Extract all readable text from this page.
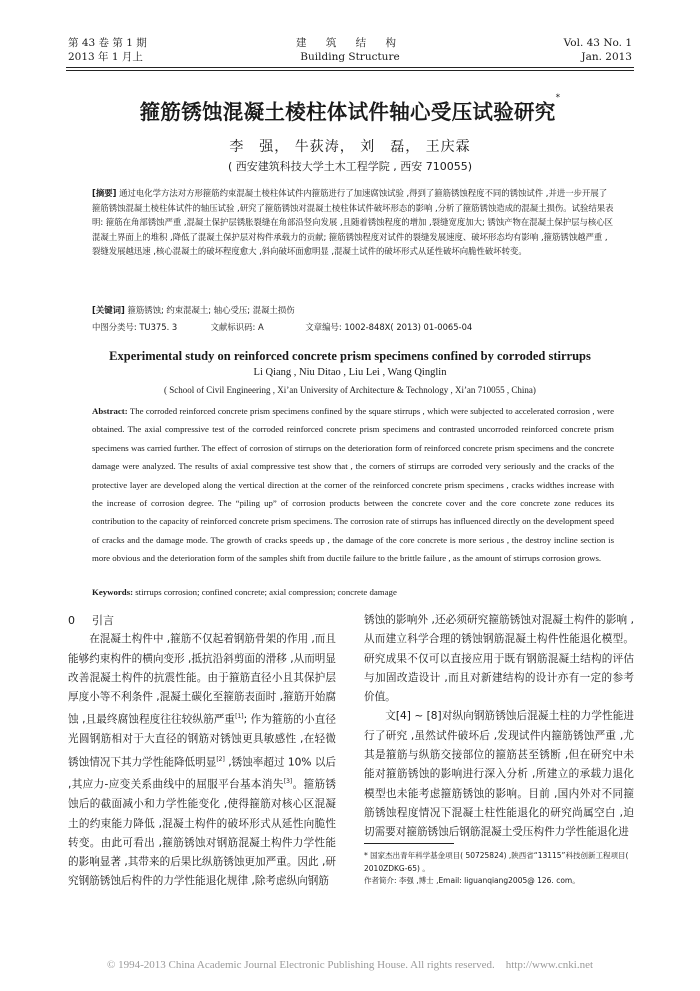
第 43 卷 第 1 期
2013 年 1 月上
建 筑 结 构
Building Structure
Vol. 43 No. 1
Jan. 2013
箍筋锈蚀混凝土棱柱体试件轴心受压试验研究*
李　强， 牛荻涛， 刘　磊， 王庆霖
( 西安建筑科技大学土木工程学院 , 西安 710055)
[摘要] 通过电化学方法对方形箍筋约束混凝土棱柱体试件内箍筋进行了加速腐蚀试验 ,得到了箍筋锈蚀程度不同的锈蚀试件 ,并进一步开展了箍筋锈蚀混凝土棱柱体试件的轴压试验 ,研究了箍筋锈蚀对混凝土棱柱体试件破坏形态的影响 ,分析了箍筋锈蚀造成的混凝土损伤。试验结果表明: 箍筋在角部锈蚀严重 ,混凝土保护层锈胀裂缝在角部沿竖向发展 ,且随着锈蚀程度的增加 ,裂缝宽度加大; 锈蚀产物在混凝土保护层与核心区混凝土界面上的堆积 ,降低了混凝土保护层对构件承载力的贡献; 箍筋锈蚀程度对试件的裂缝发展速度、破坏形态均有影响 ,箍筋锈蚀越严重 ,裂缝发展越迅速 ,核心混凝土的破坏程度愈大 ,斜向破坏面愈明显 ,混凝土试件的破坏形式从延性破坏向脆性破坏转变。
[关键词] 箍筋锈蚀; 约束混凝土; 轴心受压; 混凝土损伤
中图分类号: TU375. 3	文献标识码: A	文章编号: 1002-848X( 2013) 01-0065-04
Experimental study on reinforced concrete prism specimens confined by corroded stirrups
Li Qiang , Niu Ditao , Liu Lei , Wang Qinglin
( School of Civil Engineering , Xi’an University of Architecture & Technology , Xi’an 710055 , China)
Abstract: The corroded reinforced concrete prism specimens confined by the square stirrups , which were subjected to accelerated corrosion , were obtained. The axial compressive test of the corroded reinforced concrete prism specimens and contrasted uncorroded reinforced concrete prism specimens was carried further. The effect of corrosion of stirrups on the deterioration form of reinforced concrete prism specimens and the concrete damage were analyzed. The results of axial compressive test show that , the corners of stirrups are corroded very seriously and the cracks of the protective layer are developed along the vertical direction at the corner of the reinforced concrete prism specimens , cracks widthes increase with the increase of corrosion degree. The “piling up” of corrosion products between the concrete cover and the core concrete zone reduces its contribution to the capacity of reinforced concrete prism specimens. The corrosion rate of stirrups has influenced directly on the development speed of cracks and the damage mode. The growth of cracks speeds up , the damage of the core concrete is more serious , the destroy incline section is more obvious and the deterioration form of the samples shift from ductile failure to the brittle failure , as the amount of stirrups corrosion grows.
Keywords: stirrups corrosion; confined concrete; axial compression; concrete damage
0 引言

在混凝土构件中 ,箍筋不仅起着钢筋骨架的作用 ,而且能够约束构件的横向变形 ,抵抗沿斜剪面的滑移 ,从而明显改善混凝土构件的抗震性能。由于箍筋直径小且其保护层厚度小等不利条件 ,混凝土碳化至箍筋表面时 ,箍筋开始腐蚀 ,且最终腐蚀程度往往较纵筋严重[1]; 作为箍筋的小直径光圆钢筋相对于大直径的钢筋对锈蚀更具敏感性 ,在轻微锈蚀情况下其力学性能降低明显[2] ,锈蚀率超过 10% 以后 ,其应力-应变关系曲线中的屈服平台基本消失[3]。箍筋锈蚀后的截面减小和力学性能变化 ,使得箍筋对核心区混凝土的约束能力降低 ,混凝土构件的破坏形式从延性向脆性转变。由此可看出 ,箍筋锈蚀对钢筋混凝土构件力学性能的影响显著 ,其带来的后果比纵筋锈蚀更加严重。因此 ,研究钢筋锈蚀后构件的力学性能退化规律 ,除考虑纵向钢筋

锈蚀的影响外 ,还必须研究箍筋锈蚀对混凝土构件的影响 ,从而建立科学合理的锈蚀钢筋混凝土构件性能退化模型。研究成果不仅可以直接应用于既有钢筋混凝土结构的评估与加固改造设计 ,而且对新建结构的设计亦有一定的参考价值。

文[4] ~ [8]对纵向钢筋锈蚀后混凝土柱的力学性能进行了研究 ,虽然试件破坏后 ,发现试件内箍筋锈蚀严重 ,尤其是箍筋与纵筋交接部位的箍筋甚至锈断 ,但在研究中未能对箍筋锈蚀的影响进行深入分析 ,所建立的承载力退化模型也未能考虑箍筋锈蚀的影响。目前 ,国内外对不同箍筋锈蚀程度情况下混凝土柱性能退化的研究尚属空白 ,迫切需要对箍筋锈蚀后钢筋混凝土受压构件力学性能退化进

* 国家杰出青年科学基金项目( 50725824) ,陕西省“13115”科技创新工程项目( 2010ZDKG-65) 。
作者简介: 李强 ,博士 ,Email: liguanqiang2005@ 126. com。
© 1994-2013 China Academic Journal Electronic Publishing House. All rights reserved.　http://www.cnki.net
